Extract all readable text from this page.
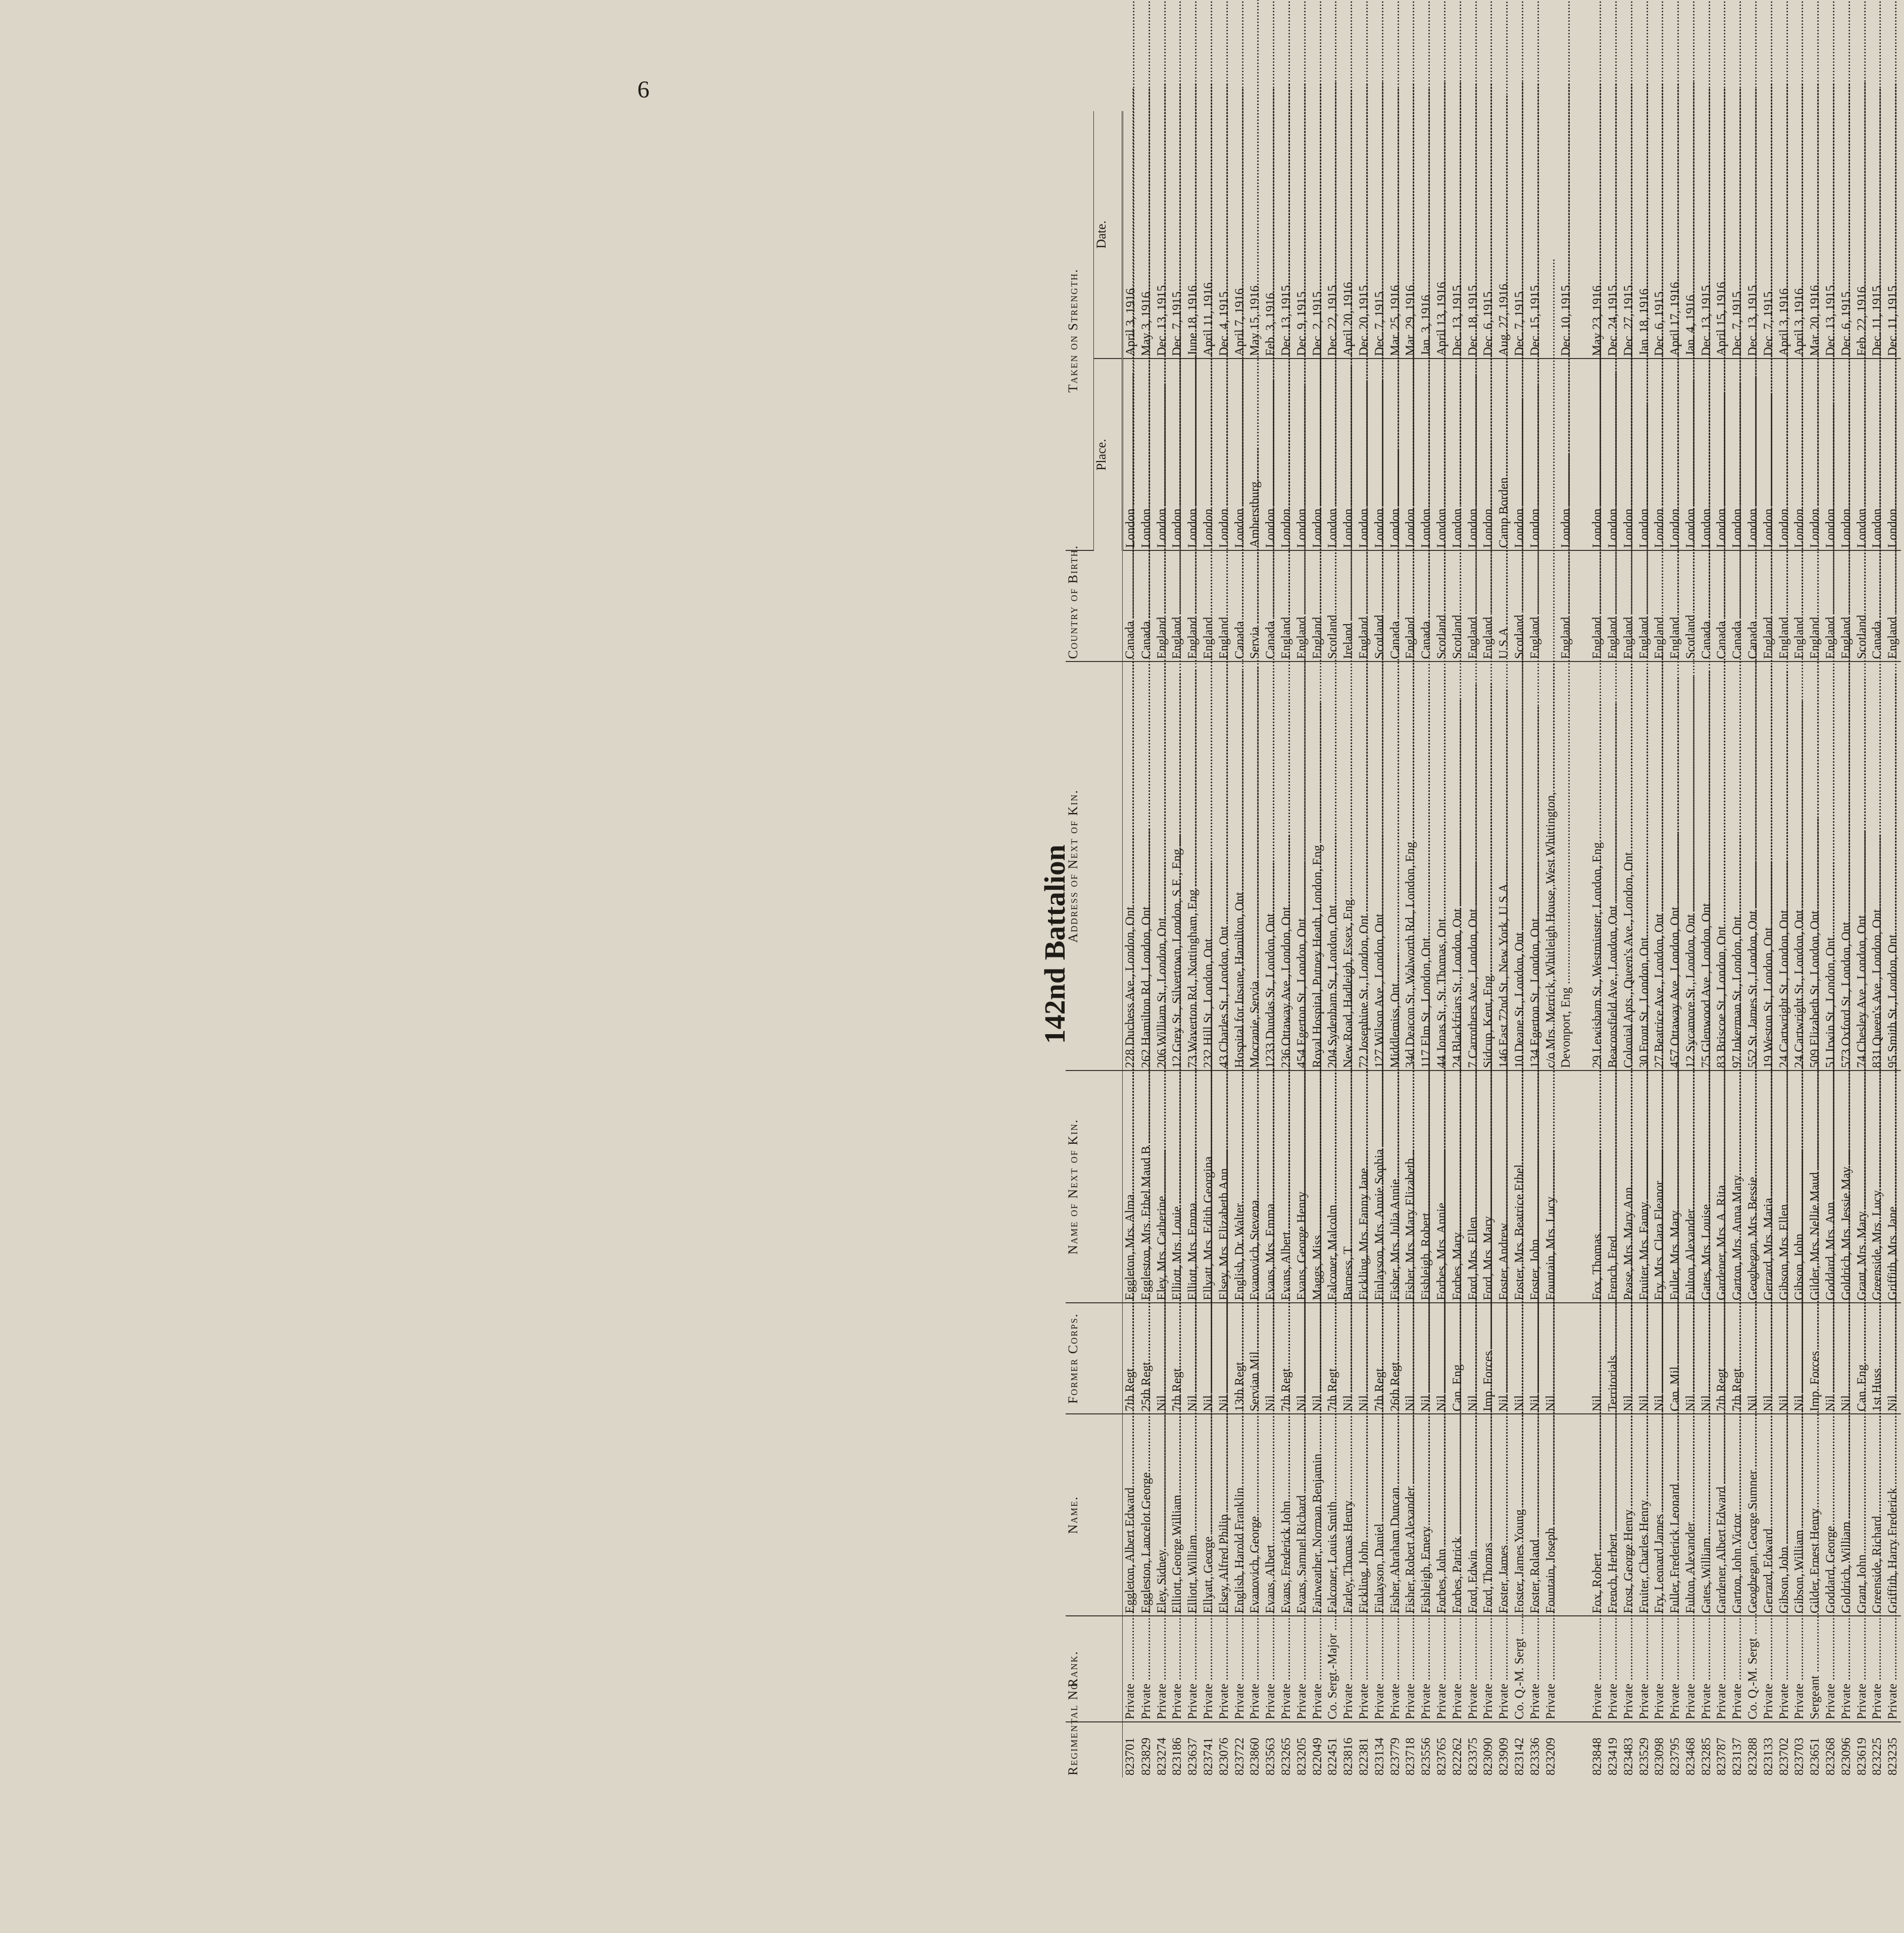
6
142nd Battalion
Regimental No.	Rank.	Name.	Former Corps.	Name of Next of Kin.	Address of Next of Kin.	Country of Birth.	Taken on Strength.	
							Place.	Date.
823701	Private .....	Eggleton, Albert Edward .....	7th Regt .....	Eggleton, Mrs. Alma .....	228 Duchess Ave., London, Ont .....	Canada .....	London .....	April 3, 1916
823829	Private .....	Eggleston, Lancelot George .....	25th Regt .....	Eggleston, Mrs. Ethel Maud B .....	262 Hamilton Rd., London, Ont .....	Canada .....	London .....	May 3, 1916
823274	Private .....	Eley, Sidney .....	Nil .....	Eley, Mrs. Catherine .....	206 William St., London, Ont .....	England .....	London .....	Dec. 13, 1915
823186	Private .....	Elliott, George William .....	7th Regt .....	Elliott, Mrs. Louie .....	12 Grey St., Silvertown, London, S.E., Eng .....	England .....	London .....	Dec. 7, 1915
823637	Private .....	Elliott, William .....	Nil .....	Elliott, Mrs. Emma .....	73 Waverton Rd., Nottingham, Eng .....	England .....	London .....	June 18, 1916
823741	Private .....	Ellyatt, George .....	Nil .....	Ellyatt, Mrs. Edith Georgina .....	232 Hill St., London, Ont .....	England .....	London .....	April 11, 1916
823076	Private .....	Elsey, Alfred Philip .....	Nil .....	Elsey, Mrs. Elizabeth Ann .....	43 Charles St., London, Ont .....	England .....	London .....	Dec. 4, 1915
823722	Private .....	English, Harold Franklin .....	13th Regt .....	English, Dr. Walter .....	Hospital for Insane, Hamilton, Ont .....	Canada .....	London .....	April 7, 1916
823860	Private .....	Evanovich, George .....	Servian Mil .....	Evanovich, Stevena .....	Mocranie, Servia .....	Servia .....	Amherstburg .....	May 15, 1916
823563	Private .....	Evans, Albert .....	Nil .....	Evans, Mrs. Emma .....	1233 Dundas St., London, Ont .....	Canada .....	London .....	Feb. 3, 1916
823265	Private .....	Evans, Frederick John .....	7th Regt .....	Evans, Albert .....	236 Ottaway Ave., London, Ont .....	England .....	London .....	Dec. 13, 1915
823205	Private .....	Evans, Samuel Richard .....	Nil .....	Evans, George Henry .....	454 Egerton St., London, Ont .....	England .....	London .....	Dec. 9, 1915
822049	Private .....	Fairweather, Norman Benjamin .....	Nil .....	Maggs, Miss .....	Royal Hospital, Putney Heath, London, Eng .....	England .....	London .....	Dec. 2, 1915
822451	Co. Sergt.-Major .....	Falconer, Louis Smith .....	7th Regt .....	Falconer, Malcolm .....	204 Sydenham St., London, Ont .....	Scotland .....	London .....	Dec. 22, 1915
823816	Private .....	Farley, Thomas Henry .....	Nil .....	Barness, T .....	New Road, Hadleigh, Essex, Eng .....	Ireland .....	London .....	April 20, 1916
822381	Private .....	Fickling, John .....	Nil .....	Fickling, Mrs. Fanny Jane .....	72 Josephine St., London, Ont .....	England .....	London .....	Dec. 20, 1915
823134	Private .....	Finlayson, Daniel .....	7th Regt .....	Finlayson, Mrs. Annie Sophia .....	127 Wilson Ave., London, Ont .....	Scotland .....	London .....	Dec. 7, 1915
823779	Private .....	Fisher, Abraham Duncan .....	26th Regt .....	Fisher, Mrs. Julia Annie .....	Middlemiss, Ont .....	Canada .....	London .....	Mar. 25, 1916
823718	Private .....	Fisher, Robert Alexander .....	Nil .....	Fisher, Mrs. Mary Elizabeth .....	34d Deacon St., Walworth Rd., London, Eng .....	England .....	London .....	Mar. 29, 1916
823556	Private .....	Fishleigh, Emery .....	Nil .....	Fishleigh, Robert .....	117 Elm St., London, Ont .....	Canada .....	London .....	Jan. 3, 1916
823765	Private .....	Forbes, John .....	Nil .....	Forbes, Mrs. Annie .....	44 Jonas St., St. Thomas, Ont .....	Scotland .....	London .....	April 13, 1916
822262	Private .....	Forbes, Patrick .....	Can. Eng .....	Forbes, Mary .....	24 Blackfriars St., London, Ont .....	Scotland .....	London .....	Dec. 13, 1915
823375	Private .....	Ford, Edwin .....	Nil .....	Ford, Mrs. Ellen .....	7 Carrothers Ave., London, Ont .....	England .....	London .....	Dec. 18, 1915
823090	Private .....	Ford, Thomas .....	Imp. Forces .....	Ford, Mrs. Mary .....	Sidcup, Kent, Eng .....	England .....	London .....	Dec. 6, 1915
823909	Private .....	Foster, James .....	Nil .....	Foster, Andrew .....	146 East 72nd St., New York, U.S.A .....	U.S.A .....	Camp Borden .....	Aug. 27, 1916
823142	Co. Q.-M. Sergt .....	Foster, James Young .....	Nil .....	Foster, Mrs. Beatrice Ethel .....	10 Deane St., London, Ont .....	Scotland .....	London .....	Dec. 7, 1915
823336	Private .....	Foster, Roland .....	Nil .....	Foster, John .....	134 Egerton St., London, Ont .....	England .....	London .....	Dec. 15, 1915
823209	Private .....	Fountain, Joseph .....	Nil .....	Fountain, Mrs. Lucy .....	c/o Mrs. Merrick, Whitleigh House, West Whittington, .....			
					Devonport, Eng .....	England .....	London .....	Dec. 10, 1915

823848	Private .....	Fox, Robert .....	Nil .....	Fox, Thomas .....	29 Lewisham St., Westminster, London, Eng .....	England .....	London .....	May 23, 1916
823419	Private .....	French, Herbert .....	Territorials .....	French, Fred .....	Beaconsfield Ave., London, Ont .....	England .....	London .....	Dec. 24, 1915
823483	Private .....	Frost, George Henry .....	Nil .....	Pease, Mrs. Mary Ann .....	Colonial Apts., Queen's Ave., London, Ont .....	England .....	London .....	Dec. 27, 1915
823529	Private .....	Fruiter, Charles Henry .....	Nil .....	Fruiter, Mrs. Fanny .....	30 Front St., London, Ont .....	England .....	London .....	Jan. 18, 1916
823098	Private .....	Fry, Leonard James .....	Nil .....	Fry, Mrs. Clara Eleanor .....	27 Beatrice Ave., London, Ont .....	England .....	London .....	Dec. 6, 1915
823795	Private .....	Fuller, Frederick Leonard .....	Can. Mil .....	Fuller, Mrs. Mary .....	457 Ottaway Ave., London, Ont .....	England .....	London .....	April 17, 1916
823468	Private .....	Fulton, Alexander .....	Nil .....	Fulton, Alexander .....	12 Sycamore St., London, Ont .....	Scotland .....	London .....	Jan. 4, 1916
823285	Private .....	Gates, William .....	Nil .....	Gates, Mrs. Louise .....	75 Glenwood Ave., London, Ont .....	Canada .....	London .....	Dec. 13, 1915
823787	Private .....	Gardener, Albert Edward .....	7th Regt .....	Gardener, Mrs. A. Rita .....	83 Briscoe St., London, Ont .....	Canada .....	London .....	April 15, 1916
823137	Private .....	Garton, John Victor .....	7th Regt .....	Garton, Mrs. Anna Mary .....	97 Inkerman St., London, Ont .....	Canada .....	London .....	Dec. 7, 1915
823288	Co. Q.-M. Sergt .....	Geoghegan, George Sumner .....	Nil .....	Geoghegan, Mrs. Bessie .....	552 St. James St., London, Ont .....	Canada .....	London .....	Dec. 13, 1915
823133	Private .....	Gerrard, Edward .....	Nil .....	Gerrard, Mrs. Maria .....	19 Weston St., London, Ont .....	England .....	London .....	Dec. 7, 1915
823702	Private .....	Gibson, John .....	Nil .....	Gibson, Mrs. Ellen .....	24 Cartwright St., London, Ont .....	England .....	London .....	April 3, 1916
823703	Private .....	Gibson, William .....	Nil .....	Gibson, John .....	24 Cartwright St., London, Ont .....	England .....	London .....	April 3, 1916
823651	Sergeant .....	Gilder, Ernest Henry .....	Imp. Forces .....	Gilder, Mrs. Nellie Maud .....	509 Elizabeth St., London, Ont .....	England .....	London .....	Mar. 20, 1916
823268	Private .....	Goddard, George .....	Nil .....	Goddard, Mrs. Ann .....	51 Irwin St., London, Ont .....	England .....	London .....	Dec. 13, 1915
823096	Private .....	Goldrich, William .....	Nil .....	Goldrich, Mrs. Jessie May .....	573 Oxford St., London, Ont .....	England .....	London .....	Dec. 6, 1915
823619	Private .....	Grant, John .....	Can. Eng .....	Grant, Mrs. Mary .....	74 Chesley Ave., London, Ont .....	Scotland .....	London .....	Feb. 22, 1916
823225	Private .....	Greenside, Richard .....	1st Huss .....	Greenside, Mrs. Lucy .....	831 Queen's Ave., London, Ont .....	Canada .....	London .....	Dec. 11, 1915
823235	Private .....	Griffith, Harry Frederick .....	Nil .....	Griffith, Mrs. Jane .....	95 Smith St., London, Ont .....	England .....	London .....	Dec. 11, 1915
